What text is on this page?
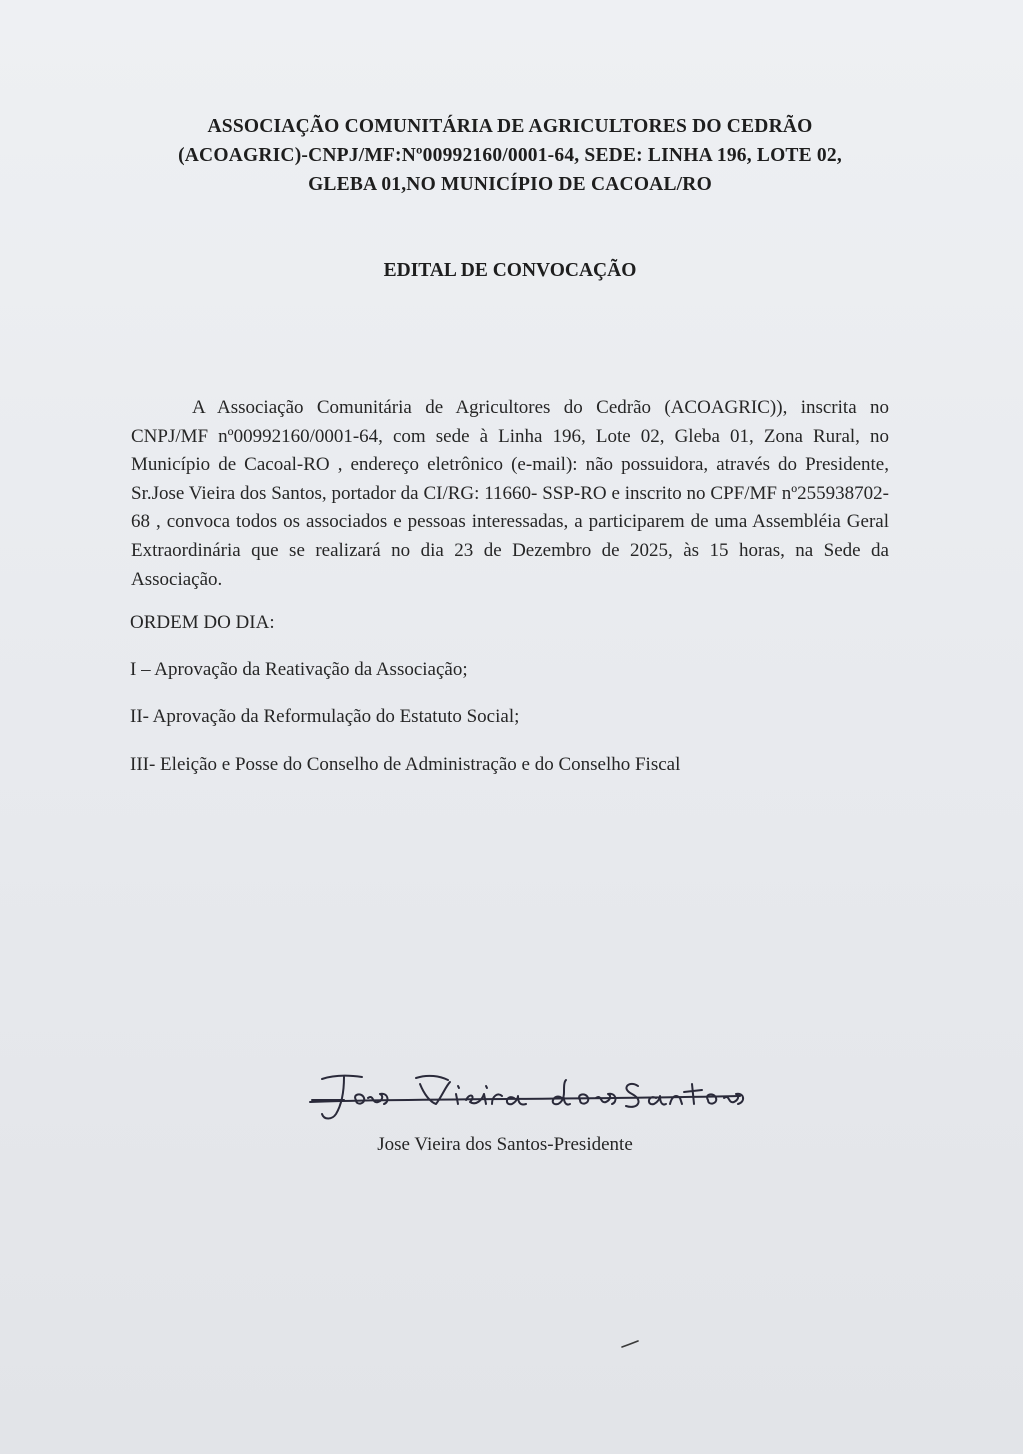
ASSOCIAÇÃO COMUNITÁRIA DE AGRICULTORES DO CEDRÃO
(ACOAGRIC)-CNPJ/MF:Nº00992160/0001-64, SEDE: LINHA 196, LOTE 02,
GLEBA 01,NO MUNICÍPIO DE CACOAL/RO
EDITAL DE CONVOCAÇÃO
A Associação Comunitária de Agricultores do Cedrão (ACOAGRIC)), inscrita no CNPJ/MF nº00992160/0001-64, com sede à Linha 196, Lote 02, Gleba 01, Zona Rural, no Município de Cacoal-RO , endereço eletrônico (e-mail): não possuidora, através do Presidente, Sr.Jose Vieira dos Santos, portador da CI/RG: 11660- SSP-RO e inscrito no CPF/MF nº255938702-68 , convoca todos os associados e pessoas interessadas, a participarem de uma Assembléia Geral Extraordinária que se realizará no dia 23 de Dezembro de 2025, às 15 horas, na Sede da Associação.
ORDEM DO DIA:
I – Aprovação da Reativação da Associação;
II- Aprovação da Reformulação do Estatuto Social;
III- Eleição e Posse do Conselho de Administração e do Conselho Fiscal
Jose Vieira dos Santos-Presidente
